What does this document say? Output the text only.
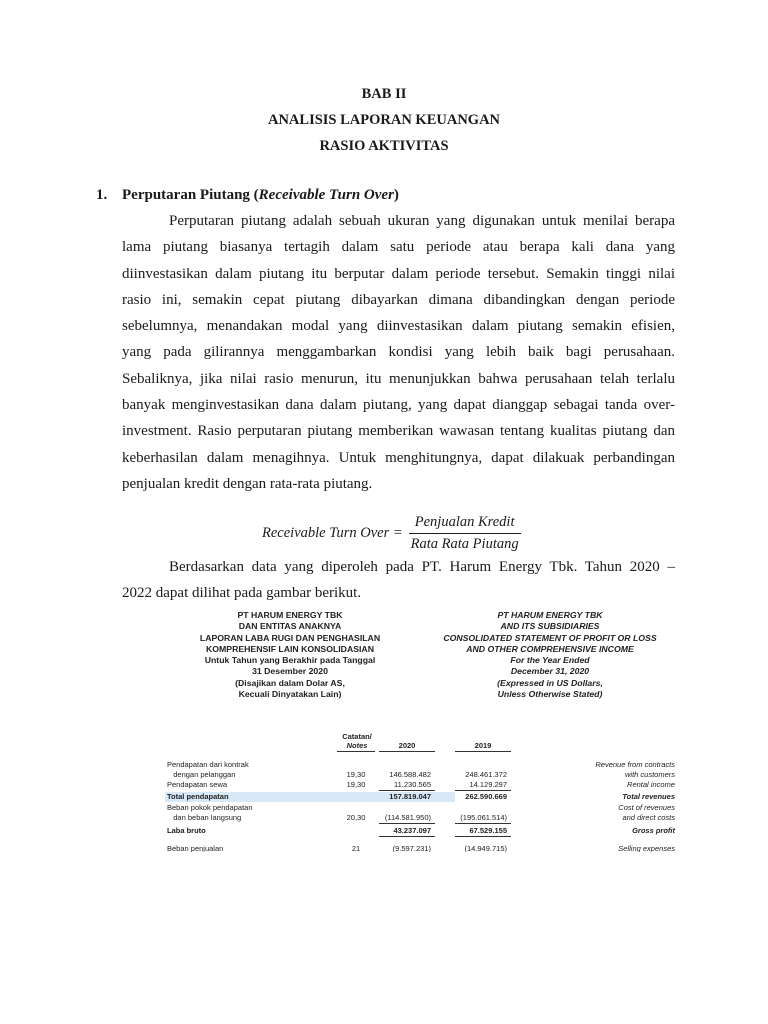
BAB II
ANALISIS LAPORAN KEUANGAN
RASIO AKTIVITAS
1. Perputaran Piutang (Receivable Turn Over)
Perputaran piutang adalah sebuah ukuran yang digunakan untuk menilai berapa
lama piutang biasanya tertagih dalam satu periode atau berapa kali dana yang
diinvestasikan dalam piutang itu berputar dalam periode tersebut. Semakin tinggi nilai
rasio ini, semakin cepat piutang dibayarkan dimana dibandingkan dengan periode
sebelumnya, menandakan modal yang diinvestasikan dalam piutang semakin efisien,
yang pada gilirannya menggambarkan kondisi yang lebih baik bagi perusahaan.
Sebaliknya, jika nilai rasio menurun, itu menunjukkan bahwa perusahaan telah terlalu
banyak menginvestasikan dana dalam piutang, yang dapat dianggap sebagai tanda over-
investment. Rasio perputaran piutang memberikan wawasan tentang kualitas piutang dan
keberhasilan dalam menagihnya. Untuk menghitungnya, dapat dilakuak perbandingan
penjualan kredit dengan rata-rata piutang.
Receivable Turn Over = $\frac{\text{Penjualan Kredit}}{\text{Rata Rata Piutang}}$
Berdasarkan data yang diperoleh pada PT. Harum Energy Tbk. Tahun 2020 –
2022 dapat dilihat pada gambar berikut.
PT HARUM ENERGY TBK
DAN ENTITAS ANAKNYA
LAPORAN LABA RUGI DAN PENGHASILAN
KOMPREHENSIF LAIN KONSOLIDASIAN
Untuk Tahun yang Berakhir pada Tanggal
31 Desember 2020
(Disajikan dalam Dolar AS,
Kecuali Dinyatakan Lain)
PT HARUM ENERGY TBK
AND ITS SUBSIDIARIES
CONSOLIDATED STATEMENT OF PROFIT OR LOSS
AND OTHER COMPREHENSIVE INCOME
For the Year Ended
December 31, 2020
(Expressed in US Dollars,
Unless Otherwise Stated)
Catatan/
Notes	2020	2019
Pendapatan dari kontrak	Revenue from contracts
dengan pelanggan	19,30	146.588.482	248.461.372	with customers
Pendapatan sewa	19,30	11.230.565	14.129.297	Rental income
Total pendapatan	157.819.047	262.590.669	Total revenues
Beban pokok pendapatan	Cost of revenues
dan beban langsung	20,30	(114.581.950)	(195.061.514)	and direct costs
Laba bruto	43.237.097	67.529.155	Gross profit
Beban penjualan	21	(9.597.231)	(14.949.715)	Selling expenses
